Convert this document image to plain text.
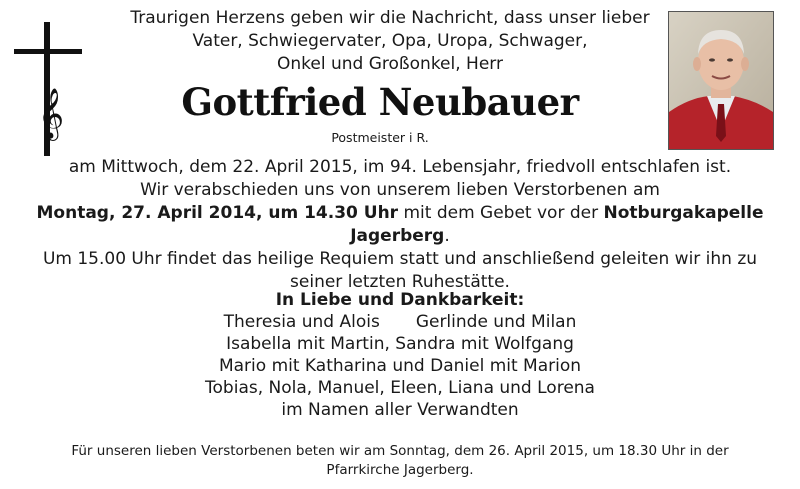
𝄞
Traurigen Herzens geben wir die Nachricht, dass unser lieber
Vater, Schwiegervater, Opa, Uropa, Schwager,
Onkel und Großonkel, Herr
Gottfried Neubauer
Postmeister i R.
am Mittwoch, dem 22. April 2015, im 94. Lebensjahr, friedvoll entschlafen ist.
Wir verabschieden uns von unserem lieben Verstorbenen am
Montag, 27. April 2014, um 14.30 Uhr mit dem Gebet vor der Notburgakapelle Jagerberg.
Um 15.00 Uhr findet das heilige Requiem statt und anschließend geleiten wir ihn zu
seiner letzten Ruhestätte.
In Liebe und Dankbarkeit:
Theresia und Alois Gerlinde und Milan
Isabella mit Martin, Sandra mit Wolfgang
Mario mit Katharina und Daniel mit Marion
Tobias, Nola, Manuel, Eleen, Liana und Lorena
im Namen aller Verwandten
Für unseren lieben Verstorbenen beten wir am Sonntag, dem 26. April 2015, um 18.30 Uhr in der
Pfarrkirche Jagerberg.
